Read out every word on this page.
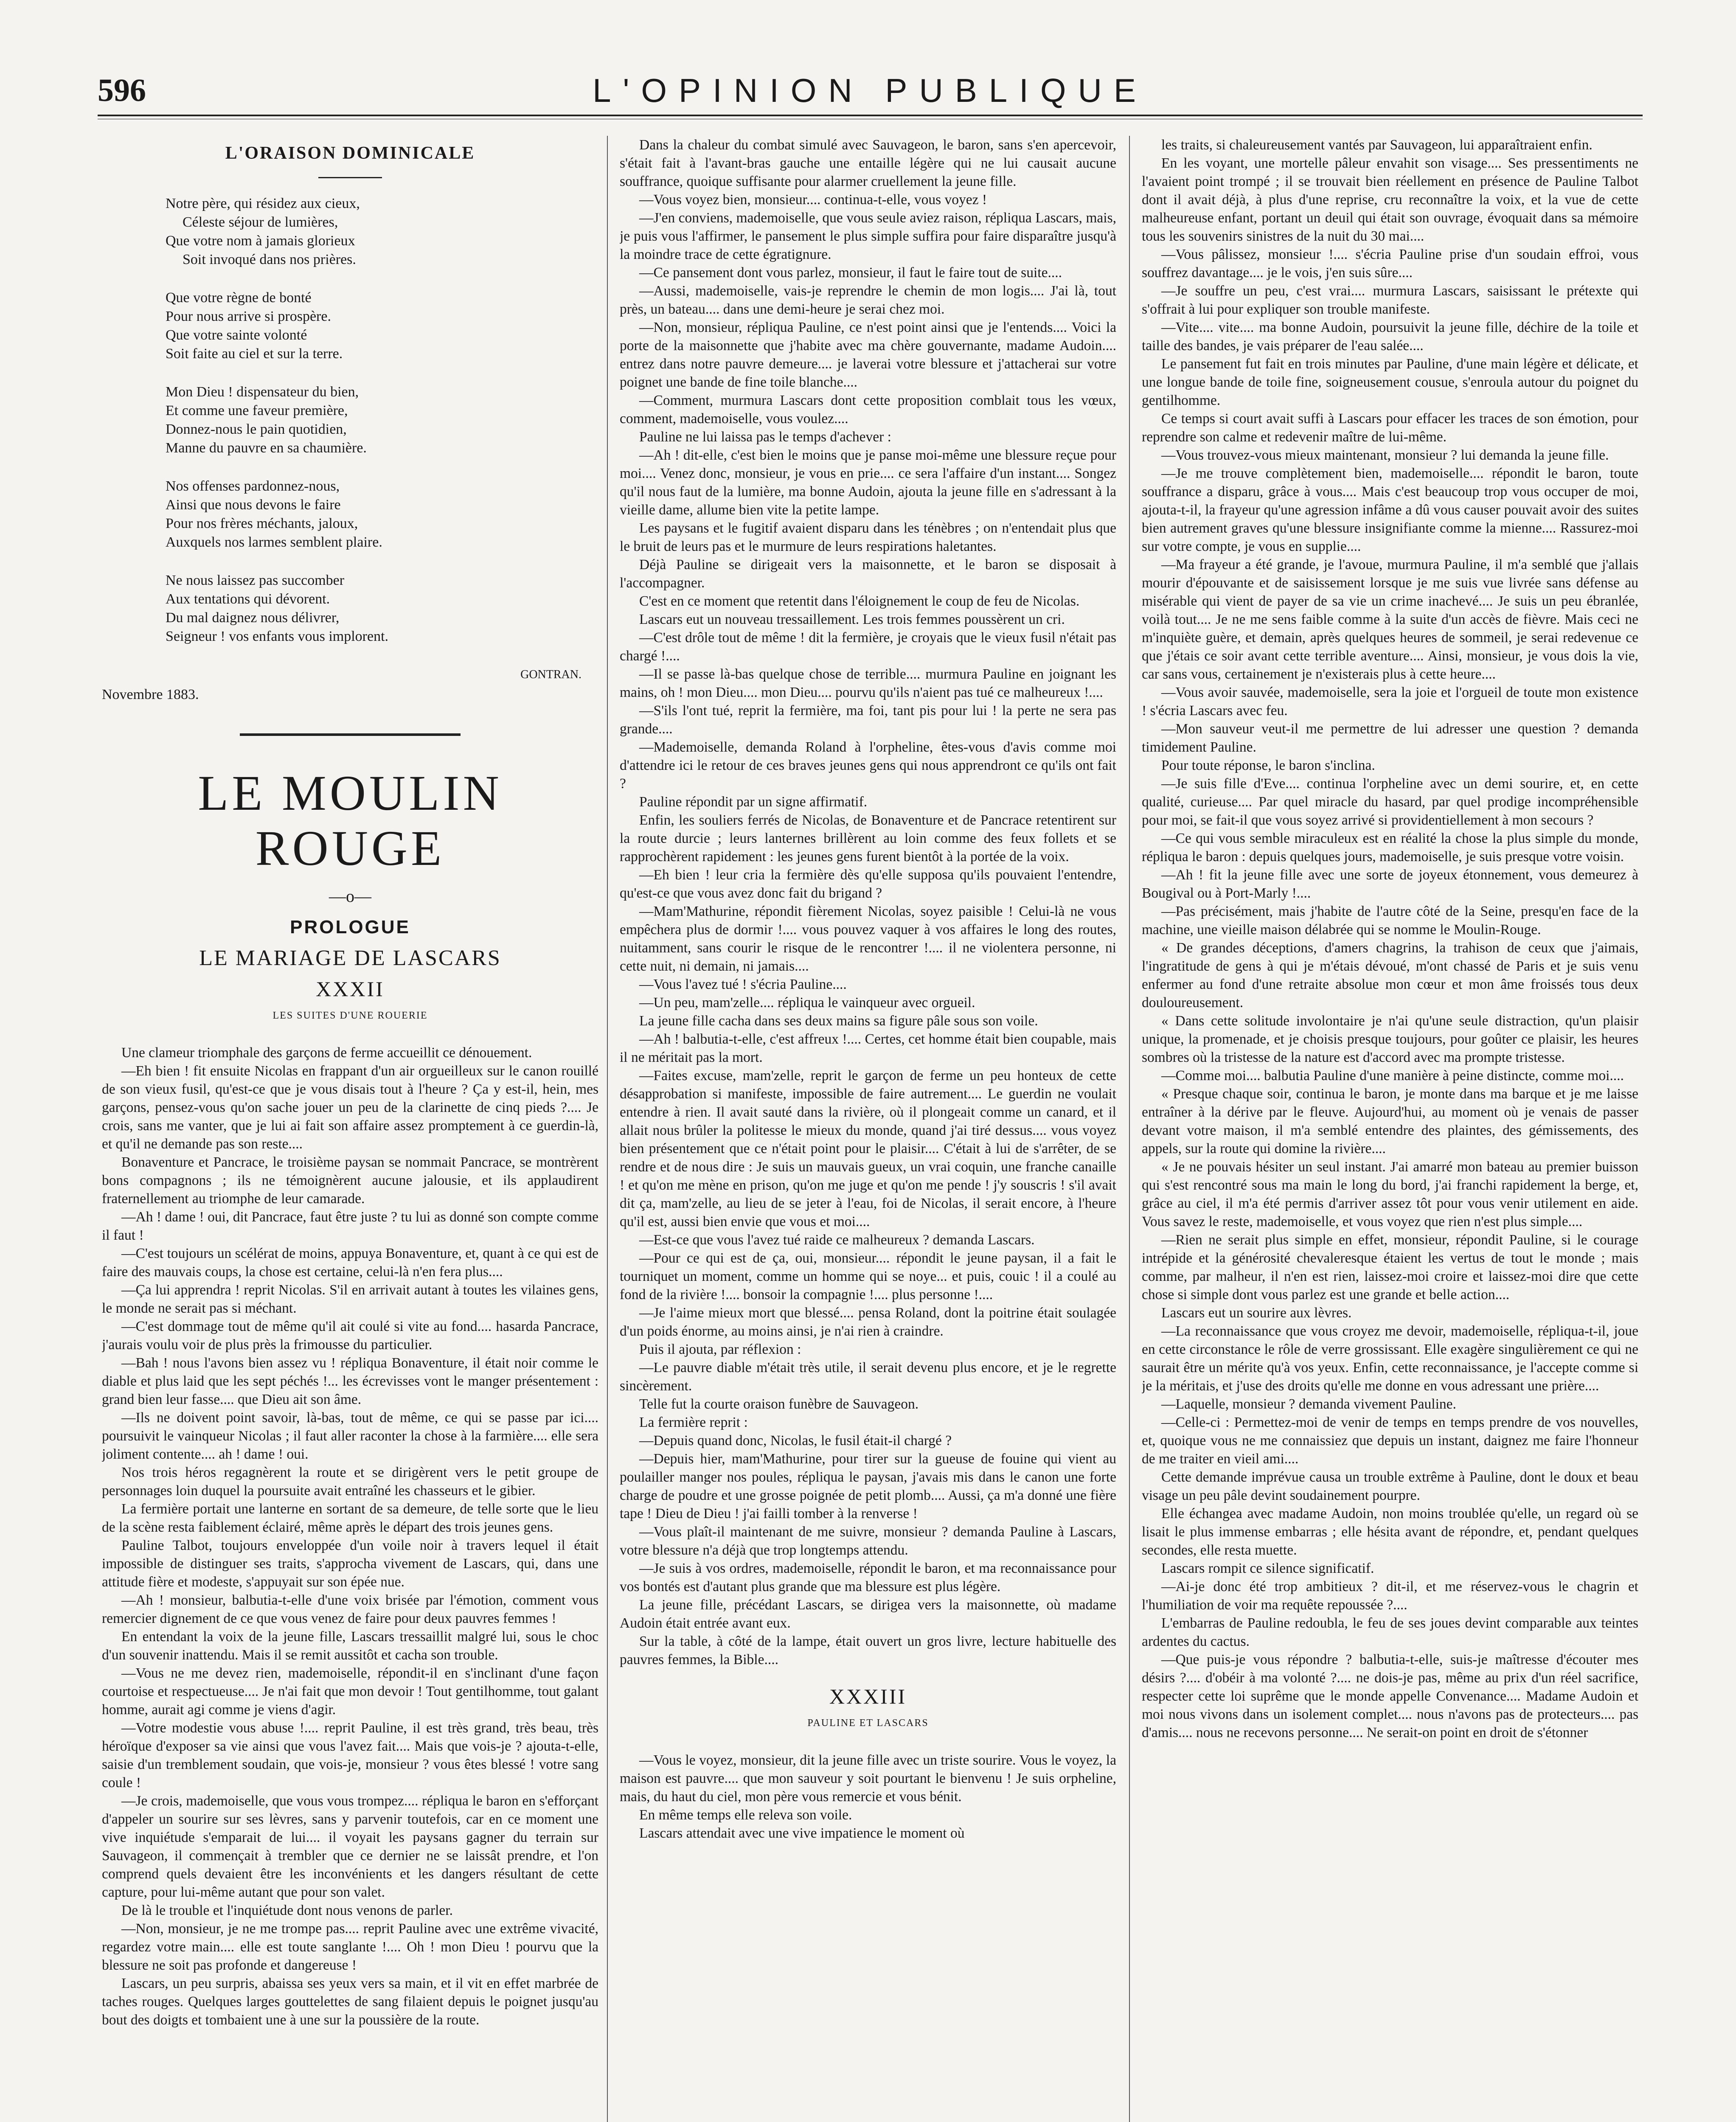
596	L'OPINION PUBLIQUE
L'ORAISON DOMINICALE
Notre père, qui résidez aux cieux,
Céleste séjour de lumières,
Que votre nom à jamais glorieux
Soit invoqué dans nos prières.
Que votre règne de bonté
Pour nous arrive si prospère.
Que votre sainte volonté
Soit faite au ciel et sur la terre.
Mon Dieu ! dispensateur du bien,
Et comme une faveur première,
Donnez-nous le pain quotidien,
Manne du pauvre en sa chaumière.
Nos offenses pardonnez-nous,
Ainsi que nous devons le faire
Pour nos frères méchants, jaloux,
Auxquels nos larmes semblent plaire.
Ne nous laissez pas succomber
Aux tentations qui dévorent.
Du mal daignez nous délivrer,
Seigneur ! vos enfants vous implorent.
GONTRAN.
Novembre 1883.
LE MOULIN ROUGE
—o—
PROLOGUE
LE MARIAGE DE LASCARS
XXXII
LES SUITES D'UNE ROUERIE

Une clameur triomphale des garçons de ferme accueillit ce dénouement.

—Eh bien ! fit ensuite Nicolas en frappant d'un air orgueilleux sur le canon rouillé de son vieux fusil, qu'est-ce que je vous disais tout à l'heure ? Ça y est-il, hein, mes garçons, pensez-vous qu'on sache jouer un peu de la clarinette de cinq pieds ?.... Je crois, sans me vanter, que je lui ai fait son affaire assez promptement à ce guerdin-là, et qu'il ne demande pas son reste....

Bonaventure et Pancrace, le troisième paysan se nommait Pancrace, se montrèrent bons compagnons ; ils ne témoignèrent aucune jalousie, et ils applaudirent fraternellement au triomphe de leur camarade.

—Ah ! dame ! oui, dit Pancrace, faut être juste ? tu lui as donné son compte comme il faut !

—C'est toujours un scélérat de moins, appuya Bonaventure, et, quant à ce qui est de faire des mauvais coups, la chose est certaine, celui-là n'en fera plus....

—Ça lui apprendra ! reprit Nicolas. S'il en arrivait autant à toutes les vilaines gens, le monde ne serait pas si méchant.

—C'est dommage tout de même qu'il ait coulé si vite au fond.... hasarda Pancrace, j'aurais voulu voir de plus près la frimousse du particulier.

—Bah ! nous l'avons bien assez vu ! répliqua Bonaventure, il était noir comme le diable et plus laid que les sept péchés !... les écrevisses vont le manger présentement : grand bien leur fasse.... que Dieu ait son âme.

—Ils ne doivent point savoir, là-bas, tout de même, ce qui se passe par ici.... poursuivit le vainqueur Nicolas ; il faut aller raconter la chose à la farmière.... elle sera joliment contente.... ah ! dame ! oui.

Nos trois héros regagnèrent la route et se dirigèrent vers le petit groupe de personnages loin duquel la poursuite avait entraîné les chasseurs et le gibier.

La fermière portait une lanterne en sortant de sa demeure, de telle sorte que le lieu de la scène resta faiblement éclairé, même après le départ des trois jeunes gens.

Pauline Talbot, toujours enveloppée d'un voile noir à travers lequel il était impossible de distinguer ses traits, s'approcha vivement de Lascars, qui, dans une attitude fière et modeste, s'appuyait sur son épée nue.

—Ah ! monsieur, balbutia-t-elle d'une voix brisée par l'émotion, comment vous remercier dignement de ce que vous venez de faire pour deux pauvres femmes !

En entendant la voix de la jeune fille, Lascars tressaillit malgré lui, sous le choc d'un souvenir inattendu. Mais il se remit aussitôt et cacha son trouble.

—Vous ne me devez rien, mademoiselle, répondit-il en s'inclinant d'une façon courtoise et respectueuse.... Je n'ai fait que mon devoir ! Tout gentilhomme, tout galant homme, aurait agi comme je viens d'agir.

—Votre modestie vous abuse !.... reprit Pauline, il est très grand, très beau, très héroïque d'exposer sa vie ainsi que vous l'avez fait.... Mais que vois-je ? ajouta-t-elle, saisie d'un tremblement soudain, que vois-je, monsieur ? vous êtes blessé ! votre sang coule !

—Je crois, mademoiselle, que vous vous trompez.... répliqua le baron en s'efforçant d'appeler un sourire sur ses lèvres, sans y parvenir toutefois, car en ce moment une vive inquiétude s'emparait de lui.... il voyait les paysans gagner du terrain sur Sauvageon, il commençait à trembler que ce dernier ne se laissât prendre, et l'on comprend quels devaient être les inconvénients et les dangers résultant de cette capture, pour lui-même autant que pour son valet.

De là le trouble et l'inquiétude dont nous venons de parler.

—Non, monsieur, je ne me trompe pas.... reprit Pauline avec une extrême vivacité, regardez votre main.... elle est toute sanglante !.... Oh ! mon Dieu ! pourvu que la blessure ne soit pas profonde et dangereuse !

Lascars, un peu surpris, abaissa ses yeux vers sa main, et il vit en effet marbrée de taches rouges. Quelques larges gouttelettes de sang filaient depuis le poignet jusqu'au bout des doigts et tombaient une à une sur la poussière de la route.

Dans la chaleur du combat simulé avec Sauvageon, le baron, sans s'en apercevoir, s'était fait à l'avant-bras gauche une entaille légère qui ne lui causait aucune souffrance, quoique suffisante pour alarmer cruellement la jeune fille.

—Vous voyez bien, monsieur.... continua-t-elle, vous voyez !

—J'en conviens, mademoiselle, que vous seule aviez raison, répliqua Lascars, mais, je puis vous l'affirmer, le pansement le plus simple suffira pour faire disparaître jusqu'à la moindre trace de cette égratignure.

—Ce pansement dont vous parlez, monsieur, il faut le faire tout de suite....

—Aussi, mademoiselle, vais-je reprendre le chemin de mon logis.... J'ai là, tout près, un bateau.... dans une demi-heure je serai chez moi.

—Non, monsieur, répliqua Pauline, ce n'est point ainsi que je l'entends.... Voici la porte de la maisonnette que j'habite avec ma chère gouvernante, madame Audoin.... entrez dans notre pauvre demeure.... je laverai votre blessure et j'attacherai sur votre poignet une bande de fine toile blanche....

—Comment, murmura Lascars dont cette proposition comblait tous les vœux, comment, mademoiselle, vous voulez....

Pauline ne lui laissa pas le temps d'achever :

—Ah ! dit-elle, c'est bien le moins que je panse moi-même une blessure reçue pour moi.... Venez donc, monsieur, je vous en prie.... ce sera l'affaire d'un instant.... Songez qu'il nous faut de la lumière, ma bonne Audoin, ajouta la jeune fille en s'adressant à la vieille dame, allume bien vite la petite lampe.

Les paysans et le fugitif avaient disparu dans les ténèbres ; on n'entendait plus que le bruit de leurs pas et le murmure de leurs respirations haletantes.

Déjà Pauline se dirigeait vers la maisonnette, et le baron se disposait à l'accompagner.

C'est en ce moment que retentit dans l'éloignement le coup de feu de Nicolas.

Lascars eut un nouveau tressaillement. Les trois femmes poussèrent un cri.

—C'est drôle tout de même ! dit la fermière, je croyais que le vieux fusil n'était pas chargé !....

—Il se passe là-bas quelque chose de terrible.... murmura Pauline en joignant les mains, oh ! mon Dieu.... mon Dieu.... pourvu qu'ils n'aient pas tué ce malheureux !....

—S'ils l'ont tué, reprit la fermière, ma foi, tant pis pour lui ! la perte ne sera pas grande....

—Mademoiselle, demanda Roland à l'orpheline, êtes-vous d'avis comme moi d'attendre ici le retour de ces braves jeunes gens qui nous apprendront ce qu'ils ont fait ?

Pauline répondit par un signe affirmatif.

Enfin, les souliers ferrés de Nicolas, de Bonaventure et de Pancrace retentirent sur la route durcie ; leurs lanternes brillèrent au loin comme des feux follets et se rapprochèrent rapidement : les jeunes gens furent bientôt à la portée de la voix.

—Eh bien ! leur cria la fermière dès qu'elle supposa qu'ils pouvaient l'entendre, qu'est-ce que vous avez donc fait du brigand ?

—Mam'Mathurine, répondit fièrement Nicolas, soyez paisible ! Celui-là ne vous empêchera plus de dormir !.... vous pouvez vaquer à vos affaires le long des routes, nuitamment, sans courir le risque de le rencontrer !.... il ne violentera personne, ni cette nuit, ni demain, ni jamais....

—Vous l'avez tué ! s'écria Pauline....

—Un peu, mam'zelle.... répliqua le vainqueur avec orgueil.

La jeune fille cacha dans ses deux mains sa figure pâle sous son voile.

—Ah ! balbutia-t-elle, c'est affreux !.... Certes, cet homme était bien coupable, mais il ne méritait pas la mort.

—Faites excuse, mam'zelle, reprit le garçon de ferme un peu honteux de cette désapprobation si manifeste, impossible de faire autrement.... Le guerdin ne voulait entendre à rien. Il avait sauté dans la rivière, où il plongeait comme un canard, et il allait nous brûler la politesse le mieux du monde, quand j'ai tiré dessus.... vous voyez bien présentement que ce n'était point pour le plaisir.... C'était à lui de s'arrêter, de se rendre et de nous dire : Je suis un mauvais gueux, un vrai coquin, une franche canaille ! et qu'on me mène en prison, qu'on me juge et qu'on me pende ! j'y souscris ! s'il avait dit ça, mam'zelle, au lieu de se jeter à l'eau, foi de Nicolas, il serait encore, à l'heure qu'il est, aussi bien envie que vous et moi....

—Est-ce que vous l'avez tué raide ce malheureux ? demanda Lascars.

—Pour ce qui est de ça, oui, monsieur.... répondit le jeune paysan, il a fait le tourniquet un moment, comme un homme qui se noye... et puis, couic ! il a coulé au fond de la rivière !.... bonsoir la compagnie !.... plus personne !....

—Je l'aime mieux mort que blessé.... pensa Roland, dont la poitrine était soulagée d'un poids énorme, au moins ainsi, je n'ai rien à craindre.

Puis il ajouta, par réflexion :

—Le pauvre diable m'était très utile, il serait devenu plus encore, et je le regrette sincèrement.

Telle fut la courte oraison funèbre de Sauvageon.

La fermière reprit :

—Depuis quand donc, Nicolas, le fusil était-il chargé ?

—Depuis hier, mam'Mathurine, pour tirer sur la gueuse de fouine qui vient au poulailler manger nos poules, répliqua le paysan, j'avais mis dans le canon une forte charge de poudre et une grosse poignée de petit plomb.... Aussi, ça m'a donné une fière tape ! Dieu de Dieu ! j'ai failli tomber à la renverse !

—Vous plaît-il maintenant de me suivre, monsieur ? demanda Pauline à Lascars, votre blessure n'a déjà que trop longtemps attendu.

—Je suis à vos ordres, mademoiselle, répondit le baron, et ma reconnaissance pour vos bontés est d'autant plus grande que ma blessure est plus légère.

La jeune fille, précédant Lascars, se dirigea vers la maisonnette, où madame Audoin était entrée avant eux.

Sur la table, à côté de la lampe, était ouvert un gros livre, lecture habituelle des pauvres femmes, la Bible....

XXXIII
PAULINE ET LASCARS

—Vous le voyez, monsieur, dit la jeune fille avec un triste sourire. Vous le voyez, la maison est pauvre.... que mon sauveur y soit pourtant le bienvenu ! Je suis orpheline, mais, du haut du ciel, mon père vous remercie et vous bénit.

En même temps elle releva son voile.

Lascars attendait avec une vive impatience le moment où

les traits, si chaleureusement vantés par Sauvageon, lui apparaîtraient enfin.

En les voyant, une mortelle pâleur envahit son visage.... Ses pressentiments ne l'avaient point trompé ; il se trouvait bien réellement en présence de Pauline Talbot dont il avait déjà, à plus d'une reprise, cru reconnaître la voix, et la vue de cette malheureuse enfant, portant un deuil qui était son ouvrage, évoquait dans sa mémoire tous les souvenirs sinistres de la nuit du 30 mai....

—Vous pâlissez, monsieur !.... s'écria Pauline prise d'un soudain effroi, vous souffrez davantage.... je le vois, j'en suis sûre....

—Je souffre un peu, c'est vrai.... murmura Lascars, saisissant le prétexte qui s'offrait à lui pour expliquer son trouble manifeste.

—Vite.... vite.... ma bonne Audoin, poursuivit la jeune fille, déchire de la toile et taille des bandes, je vais préparer de l'eau salée....

Le pansement fut fait en trois minutes par Pauline, d'une main légère et délicate, et une longue bande de toile fine, soigneusement cousue, s'enroula autour du poignet du gentilhomme.

Ce temps si court avait suffi à Lascars pour effacer les traces de son émotion, pour reprendre son calme et redevenir maître de lui-même.

—Vous trouvez-vous mieux maintenant, monsieur ? lui demanda la jeune fille.

—Je me trouve complètement bien, mademoiselle.... répondit le baron, toute souffrance a disparu, grâce à vous.... Mais c'est beaucoup trop vous occuper de moi, ajouta-t-il, la frayeur qu'une agression infâme a dû vous causer pouvait avoir des suites bien autrement graves qu'une blessure insignifiante comme la mienne.... Rassurez-moi sur votre compte, je vous en supplie....

—Ma frayeur a été grande, je l'avoue, murmura Pauline, il m'a semblé que j'allais mourir d'épouvante et de saisissement lorsque je me suis vue livrée sans défense au misérable qui vient de payer de sa vie un crime inachevé.... Je suis un peu ébranlée, voilà tout.... Je ne me sens faible comme à la suite d'un accès de fièvre. Mais ceci ne m'inquiète guère, et demain, après quelques heures de sommeil, je serai redevenue ce que j'étais ce soir avant cette terrible aventure.... Ainsi, monsieur, je vous dois la vie, car sans vous, certainement je n'existerais plus à cette heure....

—Vous avoir sauvée, mademoiselle, sera la joie et l'orgueil de toute mon existence ! s'écria Lascars avec feu.

—Mon sauveur veut-il me permettre de lui adresser une question ? demanda timidement Pauline.

Pour toute réponse, le baron s'inclina.

—Je suis fille d'Eve.... continua l'orpheline avec un demi sourire, et, en cette qualité, curieuse.... Par quel miracle du hasard, par quel prodige incompréhensible pour moi, se fait-il que vous soyez arrivé si providentiellement à mon secours ?

—Ce qui vous semble miraculeux est en réalité la chose la plus simple du monde, répliqua le baron : depuis quelques jours, mademoiselle, je suis presque votre voisin.

—Ah ! fit la jeune fille avec une sorte de joyeux étonnement, vous demeurez à Bougival ou à Port-Marly !....

—Pas précisément, mais j'habite de l'autre côté de la Seine, presqu'en face de la machine, une vieille maison délabrée qui se nomme le Moulin-Rouge.

« De grandes déceptions, d'amers chagrins, la trahison de ceux que j'aimais, l'ingratitude de gens à qui je m'étais dévoué, m'ont chassé de Paris et je suis venu enfermer au fond d'une retraite absolue mon cœur et mon âme froissés tous deux douloureusement.

« Dans cette solitude involontaire je n'ai qu'une seule distraction, qu'un plaisir unique, la promenade, et je choisis presque toujours, pour goûter ce plaisir, les heures sombres où la tristesse de la nature est d'accord avec ma prompte tristesse.

—Comme moi.... balbutia Pauline d'une manière à peine distincte, comme moi....

« Presque chaque soir, continua le baron, je monte dans ma barque et je me laisse entraîner à la dérive par le fleuve. Aujourd'hui, au moment où je venais de passer devant votre maison, il m'a semblé entendre des plaintes, des gémissements, des appels, sur la route qui domine la rivière....

« Je ne pouvais hésiter un seul instant. J'ai amarré mon bateau au premier buisson qui s'est rencontré sous ma main le long du bord, j'ai franchi rapidement la berge, et, grâce au ciel, il m'a été permis d'arriver assez tôt pour vous venir utilement en aide. Vous savez le reste, mademoiselle, et vous voyez que rien n'est plus simple....

—Rien ne serait plus simple en effet, monsieur, répondit Pauline, si le courage intrépide et la générosité chevaleresque étaient les vertus de tout le monde ; mais comme, par malheur, il n'en est rien, laissez-moi croire et laissez-moi dire que cette chose si simple dont vous parlez est une grande et belle action....

Lascars eut un sourire aux lèvres.

—La reconnaissance que vous croyez me devoir, mademoiselle, répliqua-t-il, joue en cette circonstance le rôle de verre grossissant. Elle exagère singulièrement ce qui ne saurait être un mérite qu'à vos yeux. Enfin, cette reconnaissance, je l'accepte comme si je la méritais, et j'use des droits qu'elle me donne en vous adressant une prière....

—Laquelle, monsieur ? demanda vivement Pauline.

—Celle-ci : Permettez-moi de venir de temps en temps prendre de vos nouvelles, et, quoique vous ne me connaissiez que depuis un instant, daignez me faire l'honneur de me traiter en vieil ami....

Cette demande imprévue causa un trouble extrême à Pauline, dont le doux et beau visage un peu pâle devint soudainement pourpre.

Elle échangea avec madame Audoin, non moins troublée qu'elle, un regard où se lisait le plus immense embarras ; elle hésita avant de répondre, et, pendant quelques secondes, elle resta muette.

Lascars rompit ce silence significatif.

—Ai-je donc été trop ambitieux ? dit-il, et me réservez-vous le chagrin et l'humiliation de voir ma requête repoussée ?....

L'embarras de Pauline redoubla, le feu de ses joues devint comparable aux teintes ardentes du cactus.

—Que puis-je vous répondre ? balbutia-t-elle, suis-je maîtresse d'écouter mes désirs ?.... d'obéir à ma volonté ?.... ne dois-je pas, même au prix d'un réel sacrifice, respecter cette loi suprême que le monde appelle Convenance.... Madame Audoin et moi nous vivons dans un isolement complet.... nous n'avons pas de protecteurs.... pas d'amis.... nous ne recevons personne.... Ne serait-on point en droit de s'étonner
